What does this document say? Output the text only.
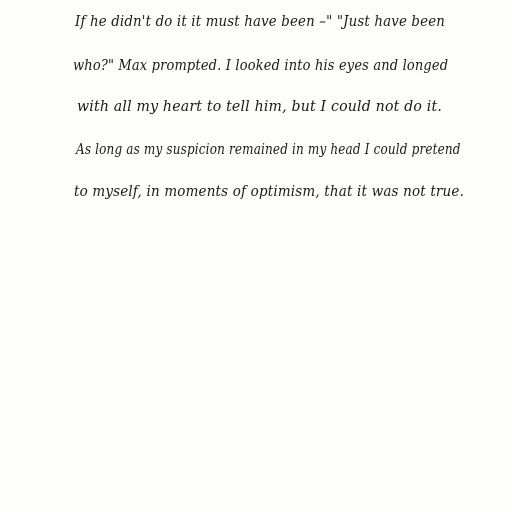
If he didn't do it it must have been –" "Just have been
who?" Max prompted. I looked into his eyes and longed
with all my heart to tell him, but I could not do it.
As long as my suspicion remained in my head I could pretend
to myself, in moments of optimism, that it was not true.
